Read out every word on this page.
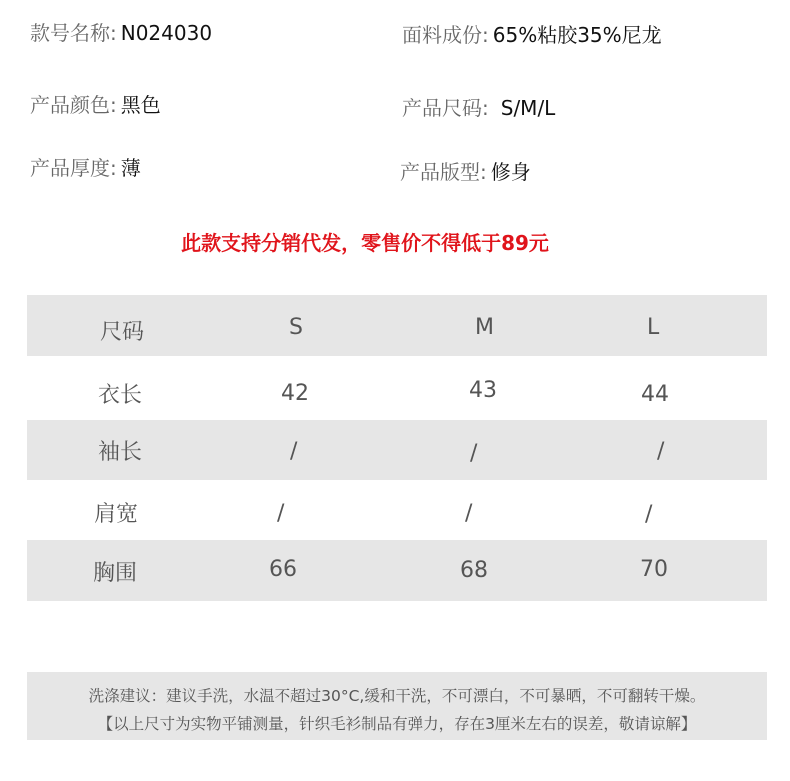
款号名称: N024030	面料成份: 65%粘胶35%尼龙
产品颜色: 黑色	产品尺码: S/M/L
产品厚度: 薄	产品版型: 修身
此款支持分销代发，零售价不得低于89元
尺码	S	M	L
衣长	42	43	44
袖长	/	/	/
肩宽	/	/	/
胸围	66	68	70
洗涤建议：建议手洗，水温不超过30°C,缓和干洗，不可漂白，不可暴晒，不可翻转干燥。
【以上尺寸为实物平铺测量，针织毛衫制品有弹力，存在3厘米左右的误差，敬请谅解】
